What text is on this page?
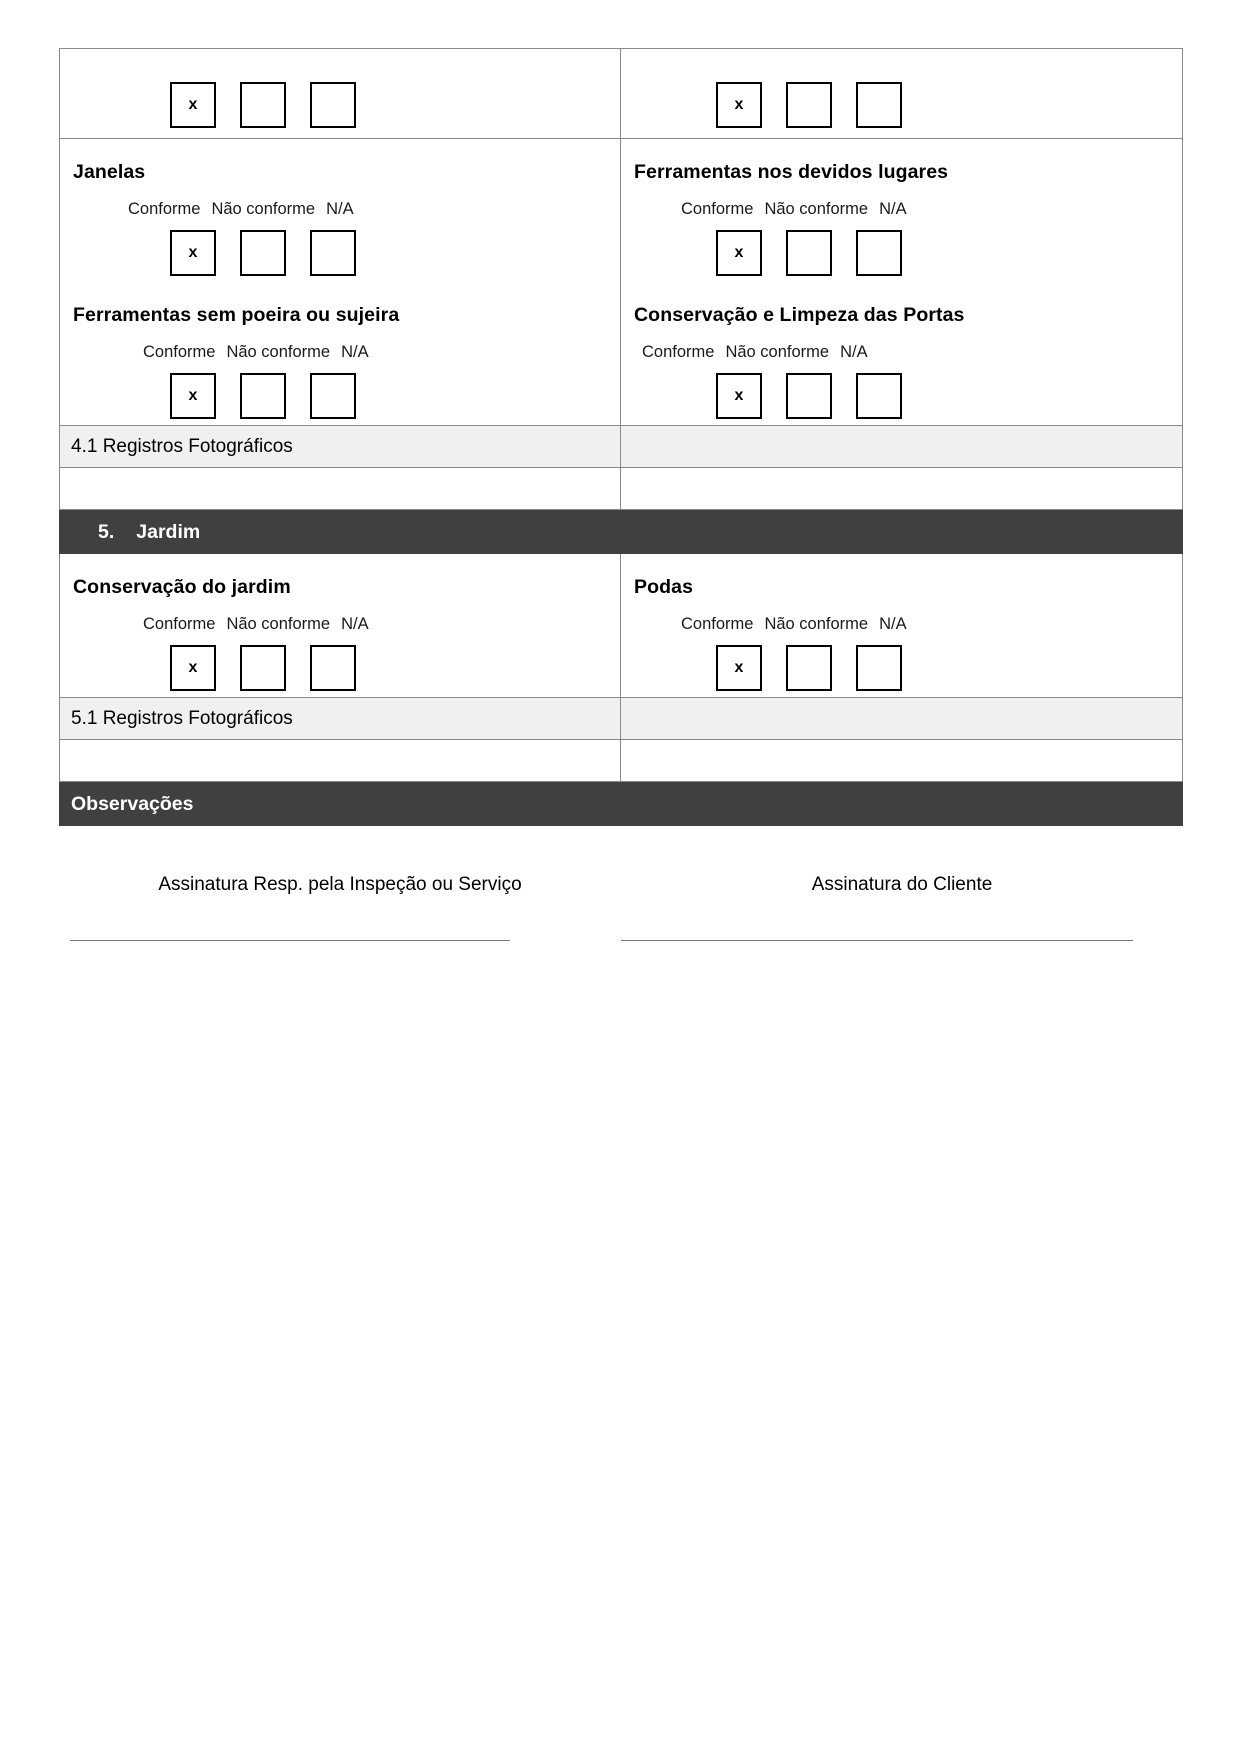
x	x
Janelas
Conforme Não conforme N/A
x
Ferramentas sem poeira ou sujeira
Conforme Não conforme N/A
x
Ferramentas nos devidos lugares
Conforme Não conforme N/A
x
Conservação e Limpeza das Portas
Conforme Não conforme N/A
x
4.1 Registros Fotográficos
5. Jardim
Conservação do jardim
Conforme Não conforme N/A
x
Podas
Conforme Não conforme N/A
x
5.1 Registros Fotográficos
Observações
Assinatura Resp. pela Inspeção ou Serviço	Assinatura do Cliente
